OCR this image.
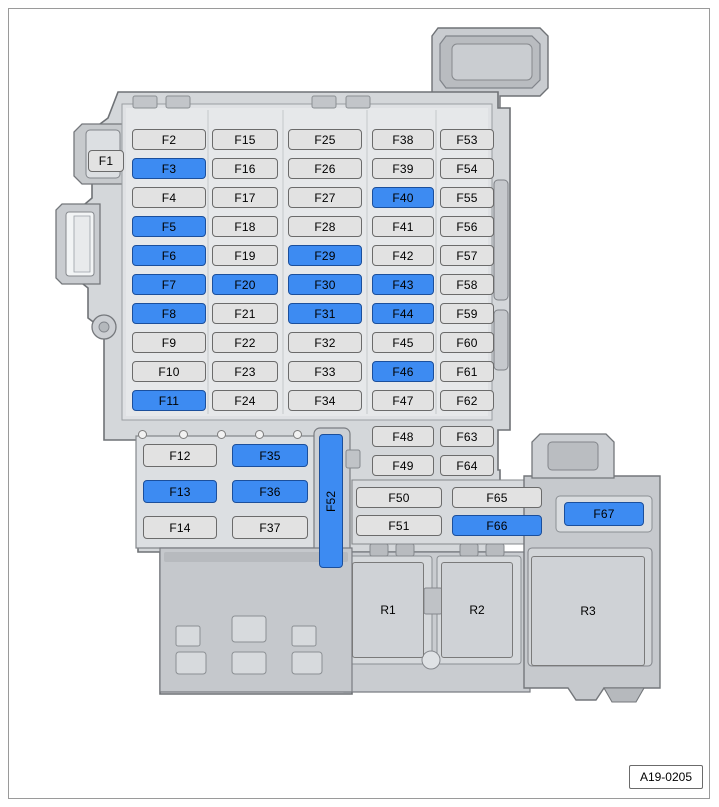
F1
F2
F3
F4
F5
F6
F7
F8
F9
F10
F11
F12
F13
F14
F15
F16
F17
F18
F19
F20
F21
F22
F23
F24
F25
F26
F27
F28
F29
F30
F31
F32
F33
F34
F35
F36
F37
F38
F39
F40
F41
F42
F43
F44
F45
F46
F47
F48
F49
F50
F51
F52
F53
F54
F55
F56
F57
F58
F59
F60
F61
F62
F63
F64
F65
F66
F67
R1	R2	R3
A19-0205
